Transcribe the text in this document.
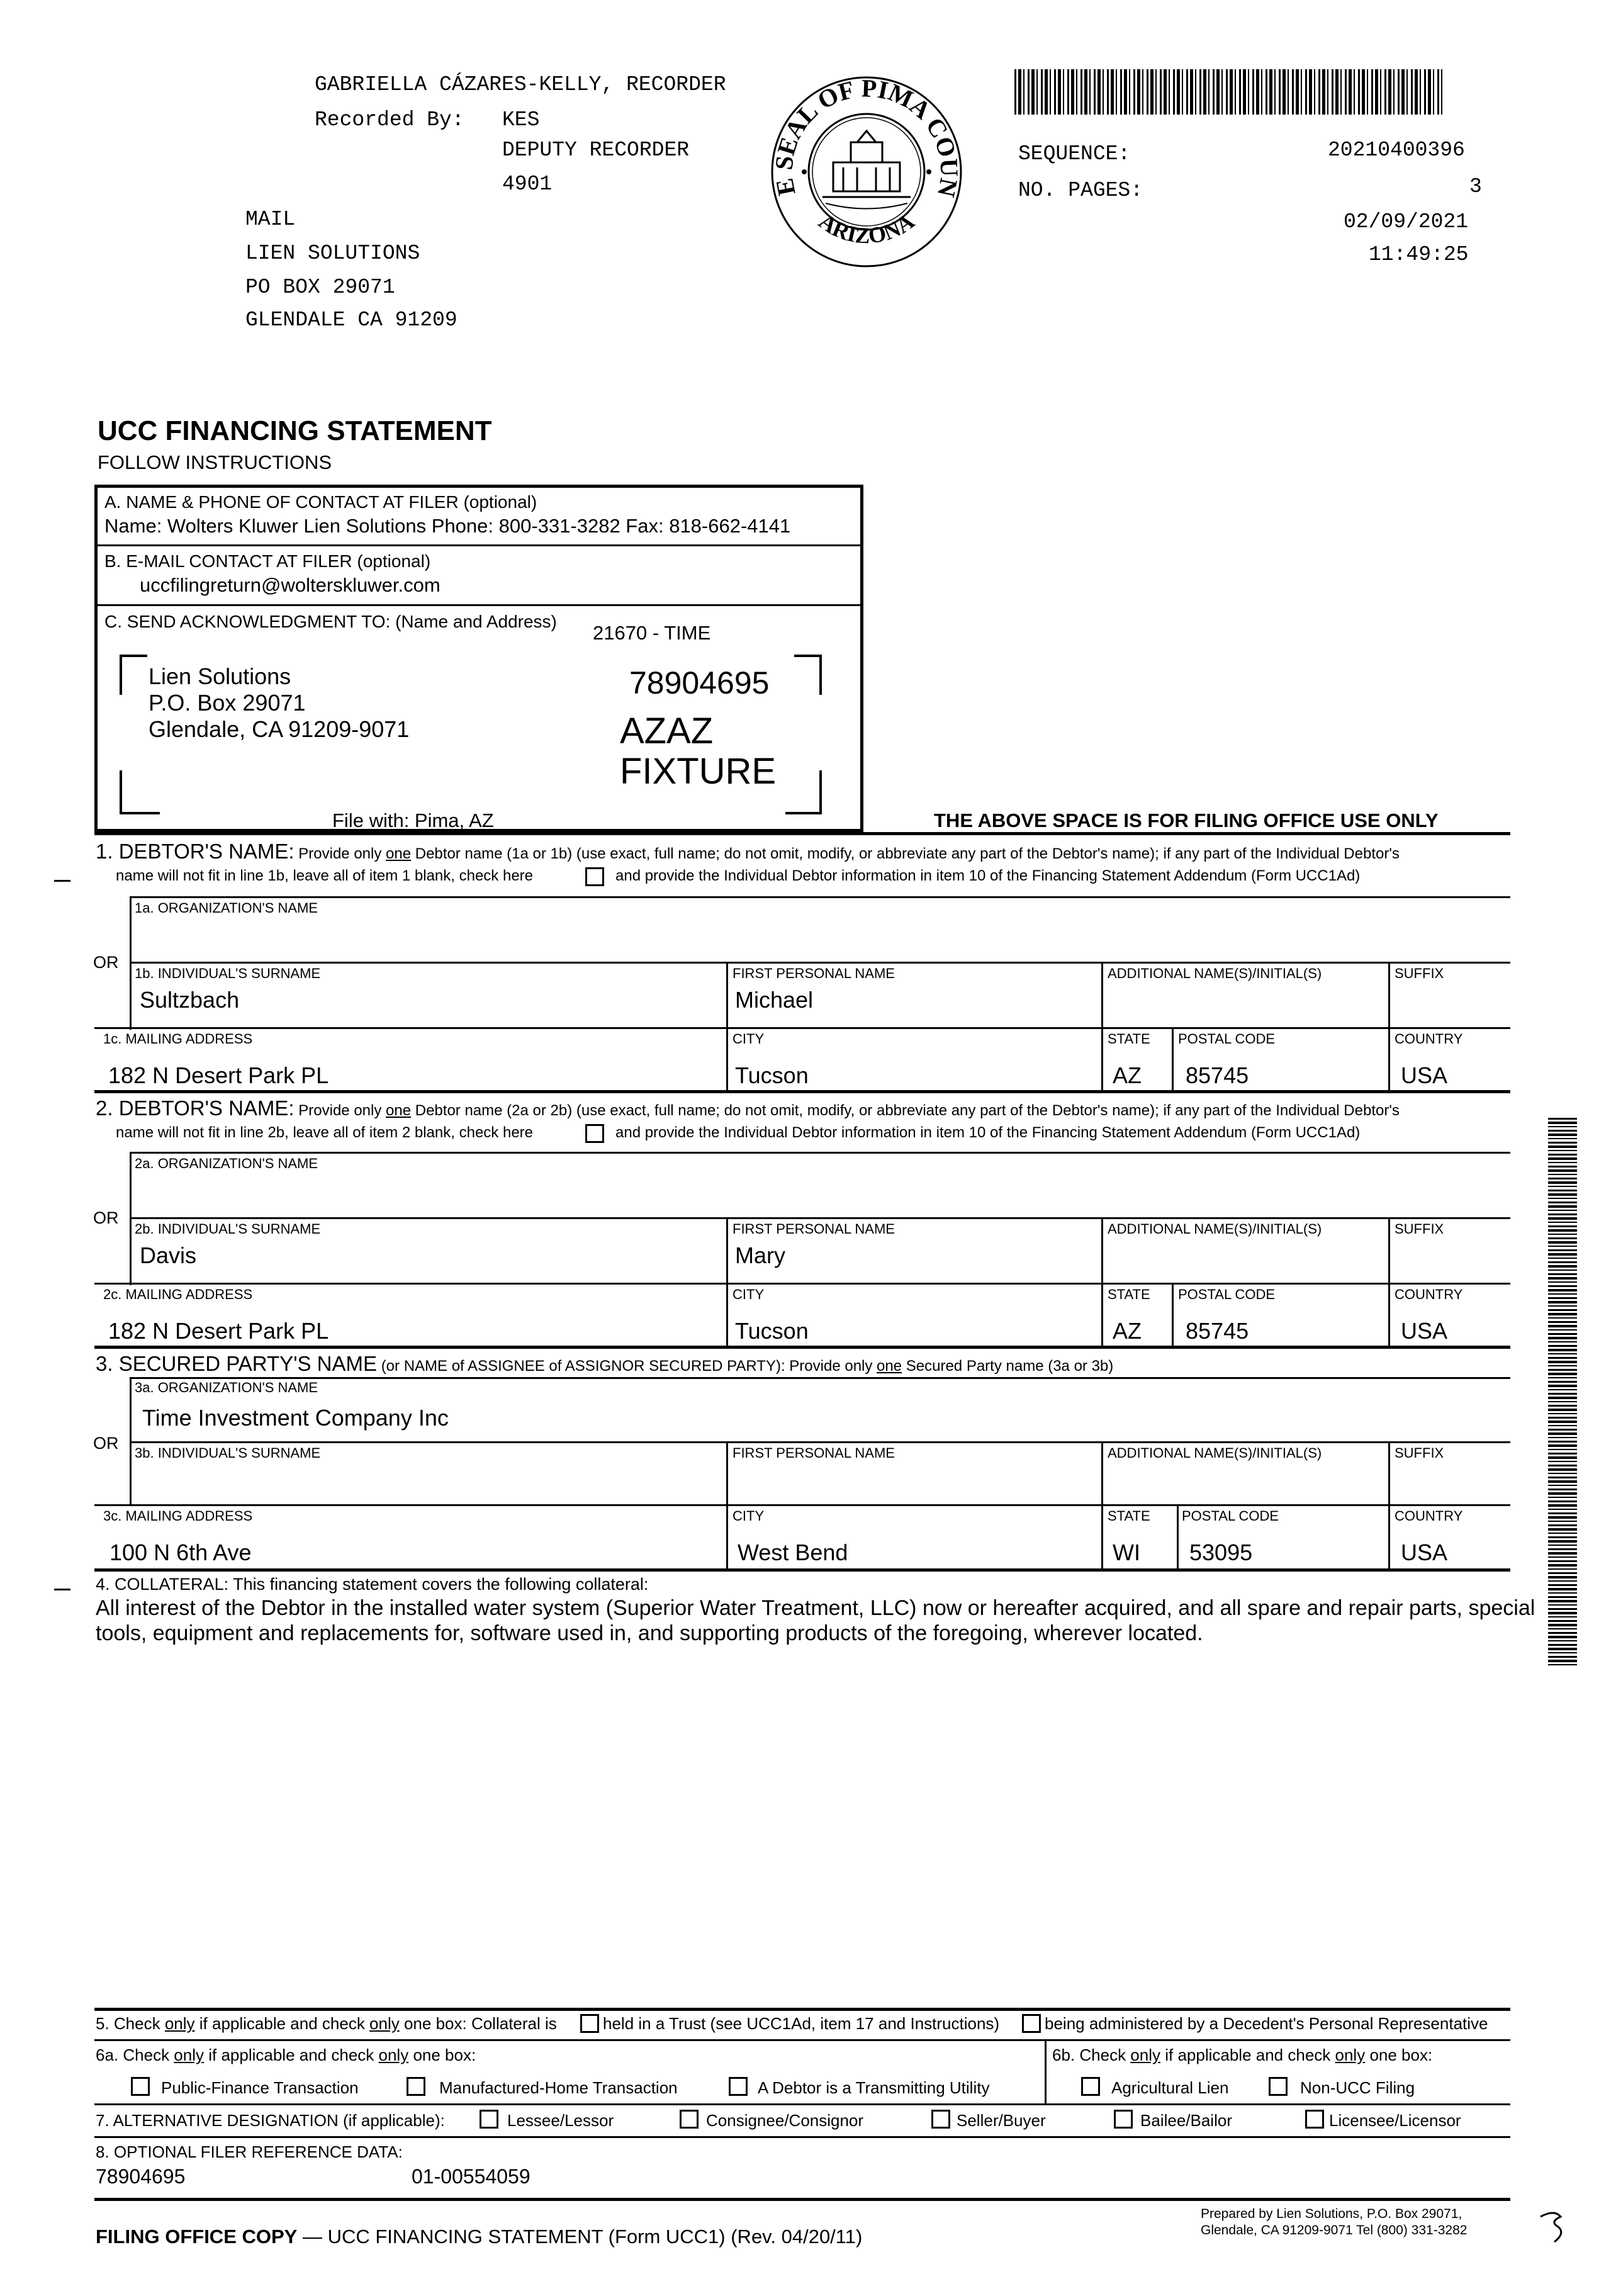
GABRIELLA CÁZARES-KELLY, RECORDER
Recorded By: KES
DEPUTY RECORDER
4901
MAIL
LIEN SOLUTIONS
PO BOX 29071
GLENDALE CA 91209
E SEAL OF PIMA COUN
ARIZONA
SEQUENCE:	20210400396
NO. PAGES:	3
02/09/2021
11:49:25
UCC FINANCING STATEMENT
FOLLOW INSTRUCTIONS
A. NAME & PHONE OF CONTACT AT FILER (optional)
Name: Wolters Kluwer Lien Solutions Phone: 800-331-3282 Fax: 818-662-4141
B. E-MAIL CONTACT AT FILER (optional)
uccfilingreturn@wolterskluwer.com
C. SEND ACKNOWLEDGMENT TO: (Name and Address)
21670 - TIME
Lien Solutions
P.O. Box 29071
Glendale, CA 91209-9071
78904695
AZAZ
FIXTURE
File with: Pima, AZ	THE ABOVE SPACE IS FOR FILING OFFICE USE ONLY
1. DEBTOR'S NAME: Provide only one Debtor name (1a or 1b) (use exact, full name; do not omit, modify, or abbreviate any part of the Debtor's name); if any part of the Individual Debtor's
name will not fit in line 1b, leave all of item 1 blank, check here	and provide the Individual Debtor information in item 10 of the Financing Statement Addendum (Form UCC1Ad)
1a. ORGANIZATION'S NAME
OR
1b. INDIVIDUAL'S SURNAME
Sultzbach
FIRST PERSONAL NAME
Michael
ADDITIONAL NAME(S)/INITIAL(S)	SUFFIX
1c. MAILING ADDRESS
182 N Desert Park PL
CITY
Tucson
STATE
AZ
POSTAL CODE
85745
COUNTRY
USA
2. DEBTOR'S NAME: Provide only one Debtor name (2a or 2b) (use exact, full name; do not omit, modify, or abbreviate any part of the Debtor's name); if any part of the Individual Debtor's
name will not fit in line 2b, leave all of item 2 blank, check here	and provide the Individual Debtor information in item 10 of the Financing Statement Addendum (Form UCC1Ad)
2a. ORGANIZATION'S NAME
OR
2b. INDIVIDUAL'S SURNAME
Davis
FIRST PERSONAL NAME
Mary
ADDITIONAL NAME(S)/INITIAL(S)	SUFFIX
2c. MAILING ADDRESS
182 N Desert Park PL
CITY
Tucson
STATE
AZ
POSTAL CODE
85745
COUNTRY
USA
3. SECURED PARTY'S NAME (or NAME of ASSIGNEE of ASSIGNOR SECURED PARTY): Provide only one Secured Party name (3a or 3b)
3a. ORGANIZATION'S NAME
Time Investment Company Inc
OR
3b. INDIVIDUAL'S SURNAME	FIRST PERSONAL NAME	ADDITIONAL NAME(S)/INITIAL(S)	SUFFIX
3c. MAILING ADDRESS
100 N 6th Ave
CITY
West Bend
STATE
WI
POSTAL CODE
53095
COUNTRY
USA
4. COLLATERAL: This financing statement covers the following collateral:
All interest of the Debtor in the installed water system (Superior Water Treatment, LLC) now or hereafter acquired, and all spare and repair parts, special
tools, equipment and replacements for, software used in, and supporting products of the foregoing, wherever located.
5. Check only if applicable and check only one box: Collateral is	held in a Trust (see UCC1Ad, item 17 and Instructions)	being administered by a Decedent's Personal Representative
6a. Check only if applicable and check only one box:	6b. Check only if applicable and check only one box:
Public-Finance Transaction	Manufactured-Home Transaction	A Debtor is a Transmitting Utility	Agricultural Lien	Non-UCC Filing
7. ALTERNATIVE DESIGNATION (if applicable):	Lessee/Lessor	Consignee/Consignor	Seller/Buyer	Bailee/Bailor	Licensee/Licensor
8. OPTIONAL FILER REFERENCE DATA:
78904695	01-00554059
FILING OFFICE COPY — UCC FINANCING STATEMENT (Form UCC1) (Rev. 04/20/11)
Prepared by Lien Solutions, P.O. Box 29071,
Glendale, CA 91209-9071 Tel (800) 331-3282
